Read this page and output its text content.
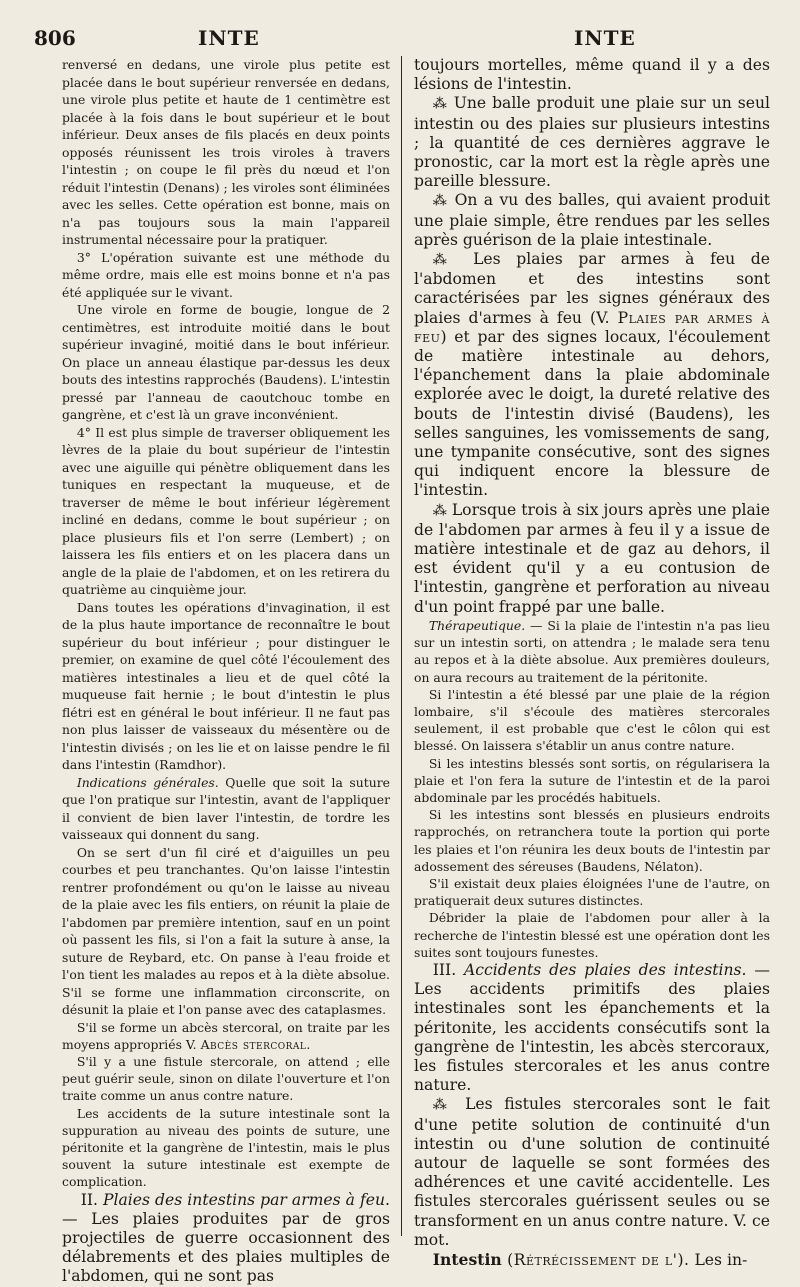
806	INTE	INTE

renversé en dedans, une virole plus petite est placée dans le bout supérieur renversée en dedans, une virole plus petite et haute de 1 centimètre est placée à la fois dans le bout supérieur et le bout inférieur. Deux anses de fils placés en deux points opposés réunissent les trois viroles à travers l'intestin ; on coupe le fil près du nœud et l'on réduit l'intestin (Denans) ; les viroles sont éliminées avec les selles. Cette opération est bonne, mais on n'a pas toujours sous la main l'appareil instrumental nécessaire pour la pratiquer.

3° L'opération suivante est une méthode du même ordre, mais elle est moins bonne et n'a pas été appliquée sur le vivant.

Une virole en forme de bougie, longue de 2 centimètres, est introduite moitié dans le bout supérieur invaginé, moitié dans le bout inférieur. On place un anneau élastique par-dessus les deux bouts des intestins rapprochés (Baudens). L'intestin pressé par l'anneau de caoutchouc tombe en gangrène, et c'est là un grave inconvénient.

4° Il est plus simple de traverser obliquement les lèvres de la plaie du bout supérieur de l'intestin avec une aiguille qui pénètre obliquement dans les tuniques en respectant la muqueuse, et de traverser de même le bout inférieur légèrement incliné en dedans, comme le bout supérieur ; on place plusieurs fils et l'on serre (Lembert) ; on laissera les fils entiers et on les placera dans un angle de la plaie de l'abdomen, et on les retirera du quatrième au cinquième jour.

Dans toutes les opérations d'invagination, il est de la plus haute importance de reconnaître le bout supérieur du bout inférieur ; pour distinguer le premier, on examine de quel côté l'écoulement des matières intestinales a lieu et de quel côté la muqueuse fait hernie ; le bout d'intestin le plus flétri est en général le bout inférieur. Il ne faut pas non plus laisser de vaisseaux du mésentère ou de l'intestin divisés ; on les lie et on laisse pendre le fil dans l'intestin (Ramdhor).

Indications générales. Quelle que soit la suture que l'on pratique sur l'intestin, avant de l'appliquer il convient de bien laver l'intestin, de tordre les vaisseaux qui donnent du sang.

On se sert d'un fil ciré et d'aiguilles un peu courbes et peu tranchantes. Qu'on laisse l'intestin rentrer profondément ou qu'on le laisse au niveau de la plaie avec les fils entiers, on réunit la plaie de l'abdomen par première intention, sauf en un point où passent les fils, si l'on a fait la suture à anse, la suture de Reybard, etc. On panse à l'eau froide et l'on tient les malades au repos et à la diète absolue. S'il se forme une inflammation circonscrite, on désunit la plaie et l'on panse avec des cataplasmes.

S'il se forme un abcès stercoral, on traite par les moyens appropriés V. Abcès stercoral.

S'il y a une fistule stercorale, on attend ; elle peut guérir seule, sinon on dilate l'ouverture et l'on traite comme un anus contre nature.

Les accidents de la suture intestinale sont la suppuration au niveau des points de suture, une péritonite et la gangrène de l'intestin, mais le plus souvent la suture intestinale est exempte de complication.

II. Plaies des intestins par armes à feu. — Les plaies produites par de gros projectiles de guerre occasionnent des délabrements et des plaies multiples de l'abdomen, qui ne sont pas

toujours mortelles, même quand il y a des lésions de l'intestin.

⁂ Une balle produit une plaie sur un seul intestin ou des plaies sur plusieurs intestins ; la quantité de ces dernières aggrave le pronostic, car la mort est la règle après une pareille blessure.

⁂ On a vu des balles, qui avaient produit une plaie simple, être rendues par les selles après guérison de la plaie intestinale.

⁂ Les plaies par armes à feu de l'abdomen et des intestins sont caractérisées par les signes généraux des plaies d'armes à feu (V. Plaies par armes à feu) et par des signes locaux, l'écoulement de matière intestinale au dehors, l'épanchement dans la plaie abdominale explorée avec le doigt, la dureté relative des bouts de l'intestin divisé (Baudens), les selles sanguines, les vomissements de sang, une tympanite consécutive, sont des signes qui indiquent encore la blessure de l'intestin.

⁂ Lorsque trois à six jours après une plaie de l'abdomen par armes à feu il y a issue de matière intestinale et de gaz au dehors, il est évident qu'il y a eu contusion de l'intestin, gangrène et perforation au niveau d'un point frappé par une balle.

Thérapeutique. — Si la plaie de l'intestin n'a pas lieu sur un intestin sorti, on attendra ; le malade sera tenu au repos et à la diète absolue. Aux premières douleurs, on aura recours au traitement de la péritonite.

Si l'intestin a été blessé par une plaie de la région lombaire, s'il s'écoule des matières stercorales seulement, il est probable que c'est le côlon qui est blessé. On laissera s'établir un anus contre nature.

Si les intestins blessés sont sortis, on régularisera la plaie et l'on fera la suture de l'intestin et de la paroi abdominale par les procédés habituels.

Si les intestins sont blessés en plusieurs endroits rapprochés, on retranchera toute la portion qui porte les plaies et l'on réunira les deux bouts de l'intestin par adossement des séreuses (Baudens, Nélaton).

S'il existait deux plaies éloignées l'une de l'autre, on pratiquerait deux sutures distinctes.

Débrider la plaie de l'abdomen pour aller à la recherche de l'intestin blessé est une opération dont les suites sont toujours funestes.

III. Accidents des plaies des intestins. — Les accidents primitifs des plaies intestinales sont les épanchements et la péritonite, les accidents consécutifs sont la gangrène de l'intestin, les abcès stercoraux, les fistules stercorales et les anus contre nature.

⁂ Les fistules stercorales sont le fait d'une petite solution de continuité d'un intestin ou d'une solution de continuité autour de laquelle se sont formées des adhérences et une cavité accidentelle. Les fistules stercorales guérissent seules ou se transforment en un anus contre nature. V. ce mot.

Intestin (Rétrécissement de l'). Les in-
